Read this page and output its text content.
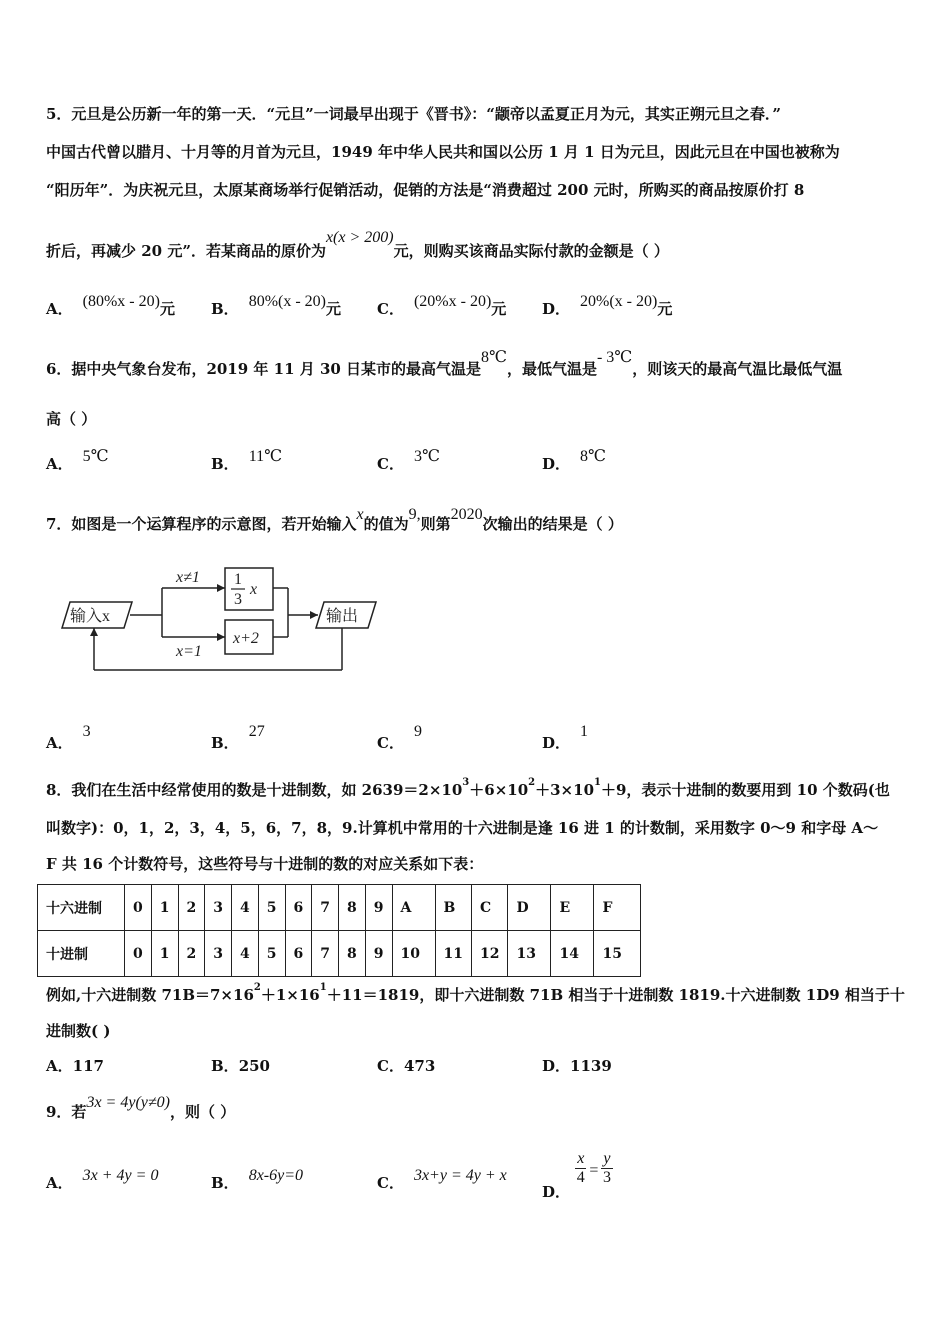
5．元旦是公历新一年的第一天．“元旦”一词最早出现于《晋书》：“颛帝以孟夏正月为元，其实正朔元旦之春．”
中国古代曾以腊月、十月等的月首为元旦，1949 年中华人民共和国以公历 1 月 1 日为元旦，因此元旦在中国也被称为
“阳历年”．为庆祝元旦，太原某商场举行促销活动，促销的方法是“消费超过 200 元时，所购买的商品按原价打 8
折后，再减少 20 元”．若某商品的原价为x(x > 200)元，则购买该商品实际付款的金额是（ ）
A． (80%x - 20)元 B． 80%(x - 20)元 C． (20%x - 20)元 D． 20%(x - 20)元
6．据中央气象台发布，2019 年 11 月 30 日某市的最高气温是8℃，最低气温是- 3℃，则该天的最高气温比最低气温
高（ ）
A． 5℃	B． 11℃	C． 3℃	D． 8℃
7．如图是一个运算程序的示意图，若开始输入x的值为9,则第2020次输出的结果是（ ）
输入x	输出
x≠1
x=1
1
3
x
x+2
A．3
B．27
C．9
D．1
8．我们在生活中经常使用的数是十进制数，如 $2639=2\times 10^3+6\times 10^2+3\times 10^1+9$，表示十进制的数要用到 10 个数码(也
叫数字)：0，1，2，3，4，5，6，7，8，9.计算机中常用的十六进制是逢 16 进 1 的计数制，采用数字 0～9 和字母 A～
F 共 16 个计数符号，这些符号与十进制的数的对应关系如下表：
十六进制	0	1	2	3	4	5	6	7	8	9	A	B	C	D	E	F
十进制	0	1	2	3	4	5	6	7	8	9	10	11	12	13	14	15
例如,十六进制数 $71B=7\times 16^2+1\times 16^1+11=1819$，即十六进制数 71B 相当于十进制数 1819.十六进制数 1D9 相当于十
进制数( )
A．117	B．250	C．473	D．1139
9．若3x = 4y(y≠0)，则（ ）
A． 3x + 4y = 0	B． 8x-6y=0	C． 3x+y = 4y + x
D．
$\frac{x}{4} = \frac{y}{3}$
